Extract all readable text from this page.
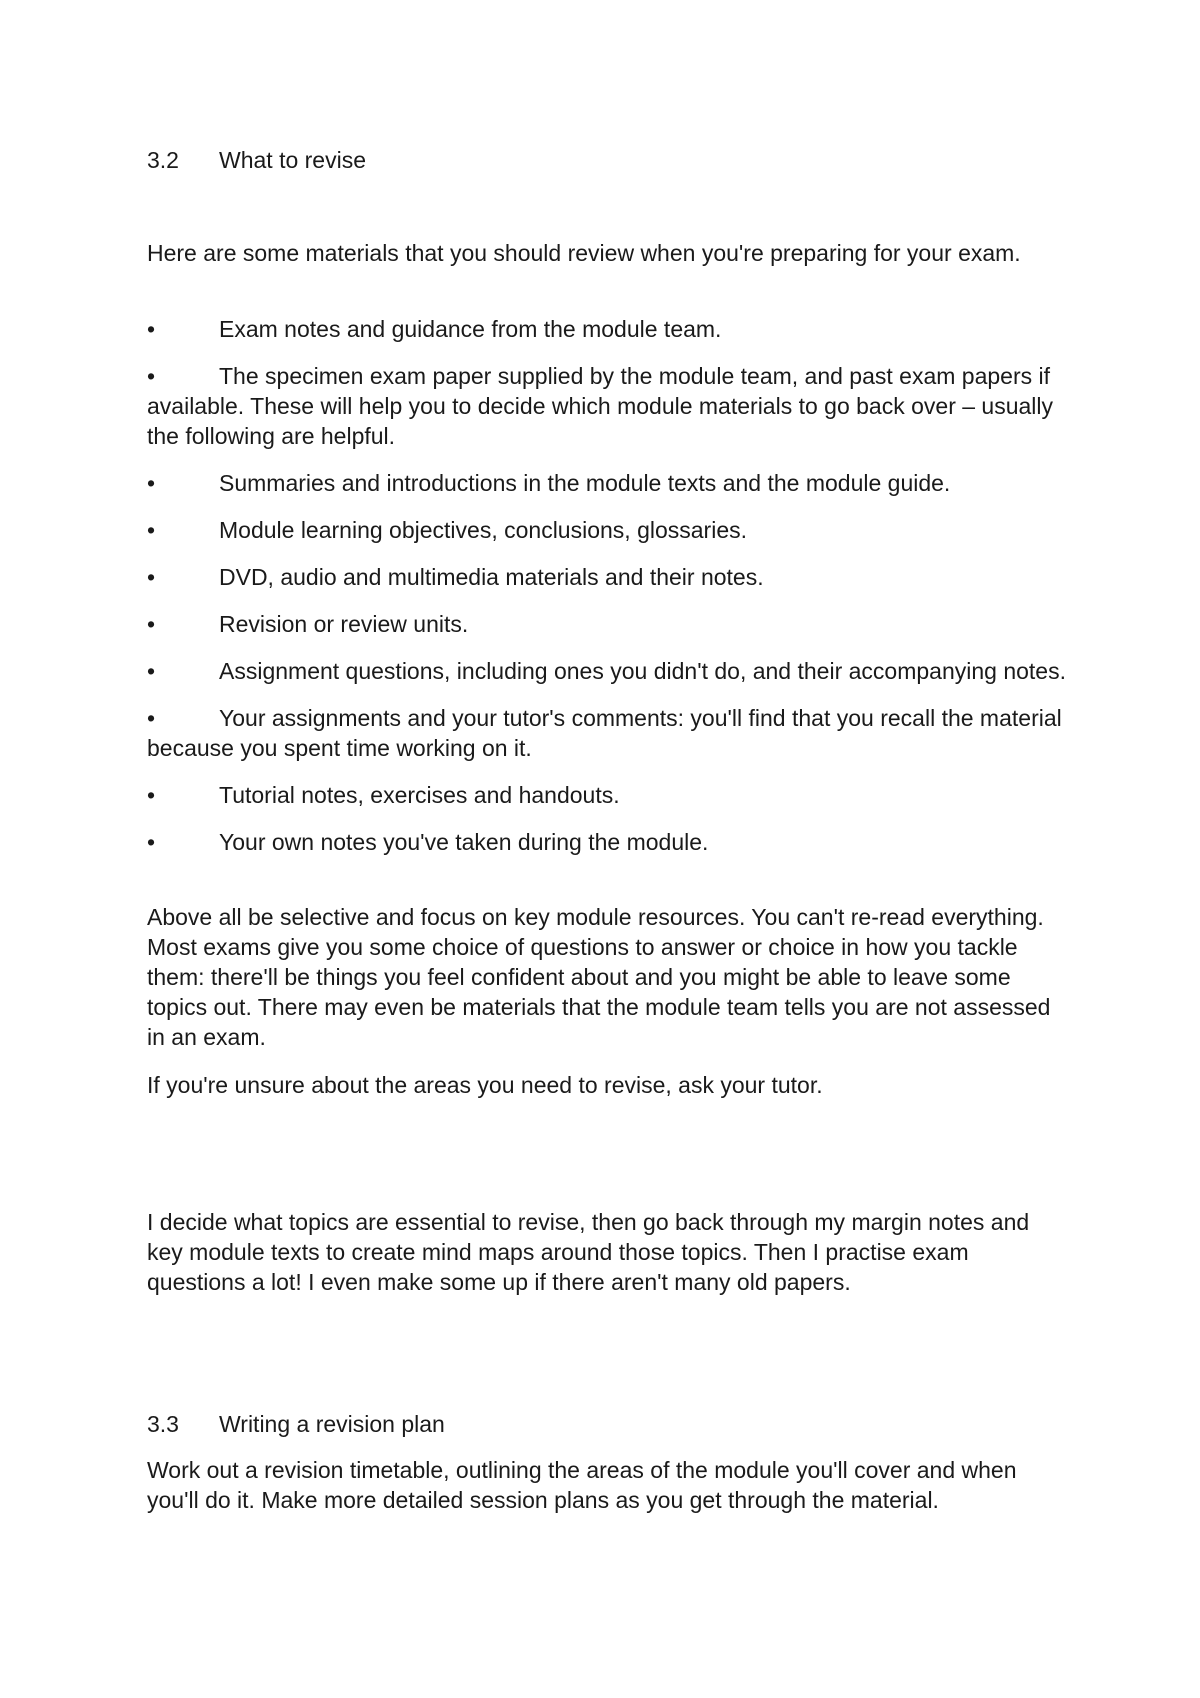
3.2	What to revise

Here are some materials that you should review when you're preparing for your exam.

•	Exam notes and guidance from the module team.

•	The specimen exam paper supplied by the module team, and past exam papers if available. These will help you to decide which module materials to go back over – usually the following are helpful.

•	Summaries and introductions in the module texts and the module guide.

•	Module learning objectives, conclusions, glossaries.

•	DVD, audio and multimedia materials and their notes.

•	Revision or review units.

•	Assignment questions, including ones you didn't do, and their accompanying notes.

•	Your assignments and your tutor's comments: you'll find that you recall the material because you spent time working on it.

•	Tutorial notes, exercises and handouts.

•	Your own notes you've taken during the module.

Above all be selective and focus on key module resources. You can't re-read everything. Most exams give you some choice of questions to answer or choice in how you tackle them: there'll be things you feel confident about and you might be able to leave some topics out. There may even be materials that the module team tells you are not assessed in an exam.

If you're unsure about the areas you need to revise, ask your tutor.

I decide what topics are essential to revise, then go back through my margin notes and key module texts to create mind maps around those topics. Then I practise exam questions a lot! I even make some up if there aren't many old papers.

3.3	Writing a revision plan

Work out a revision timetable, outlining the areas of the module you'll cover and when you'll do it. Make more detailed session plans as you get through the material.
